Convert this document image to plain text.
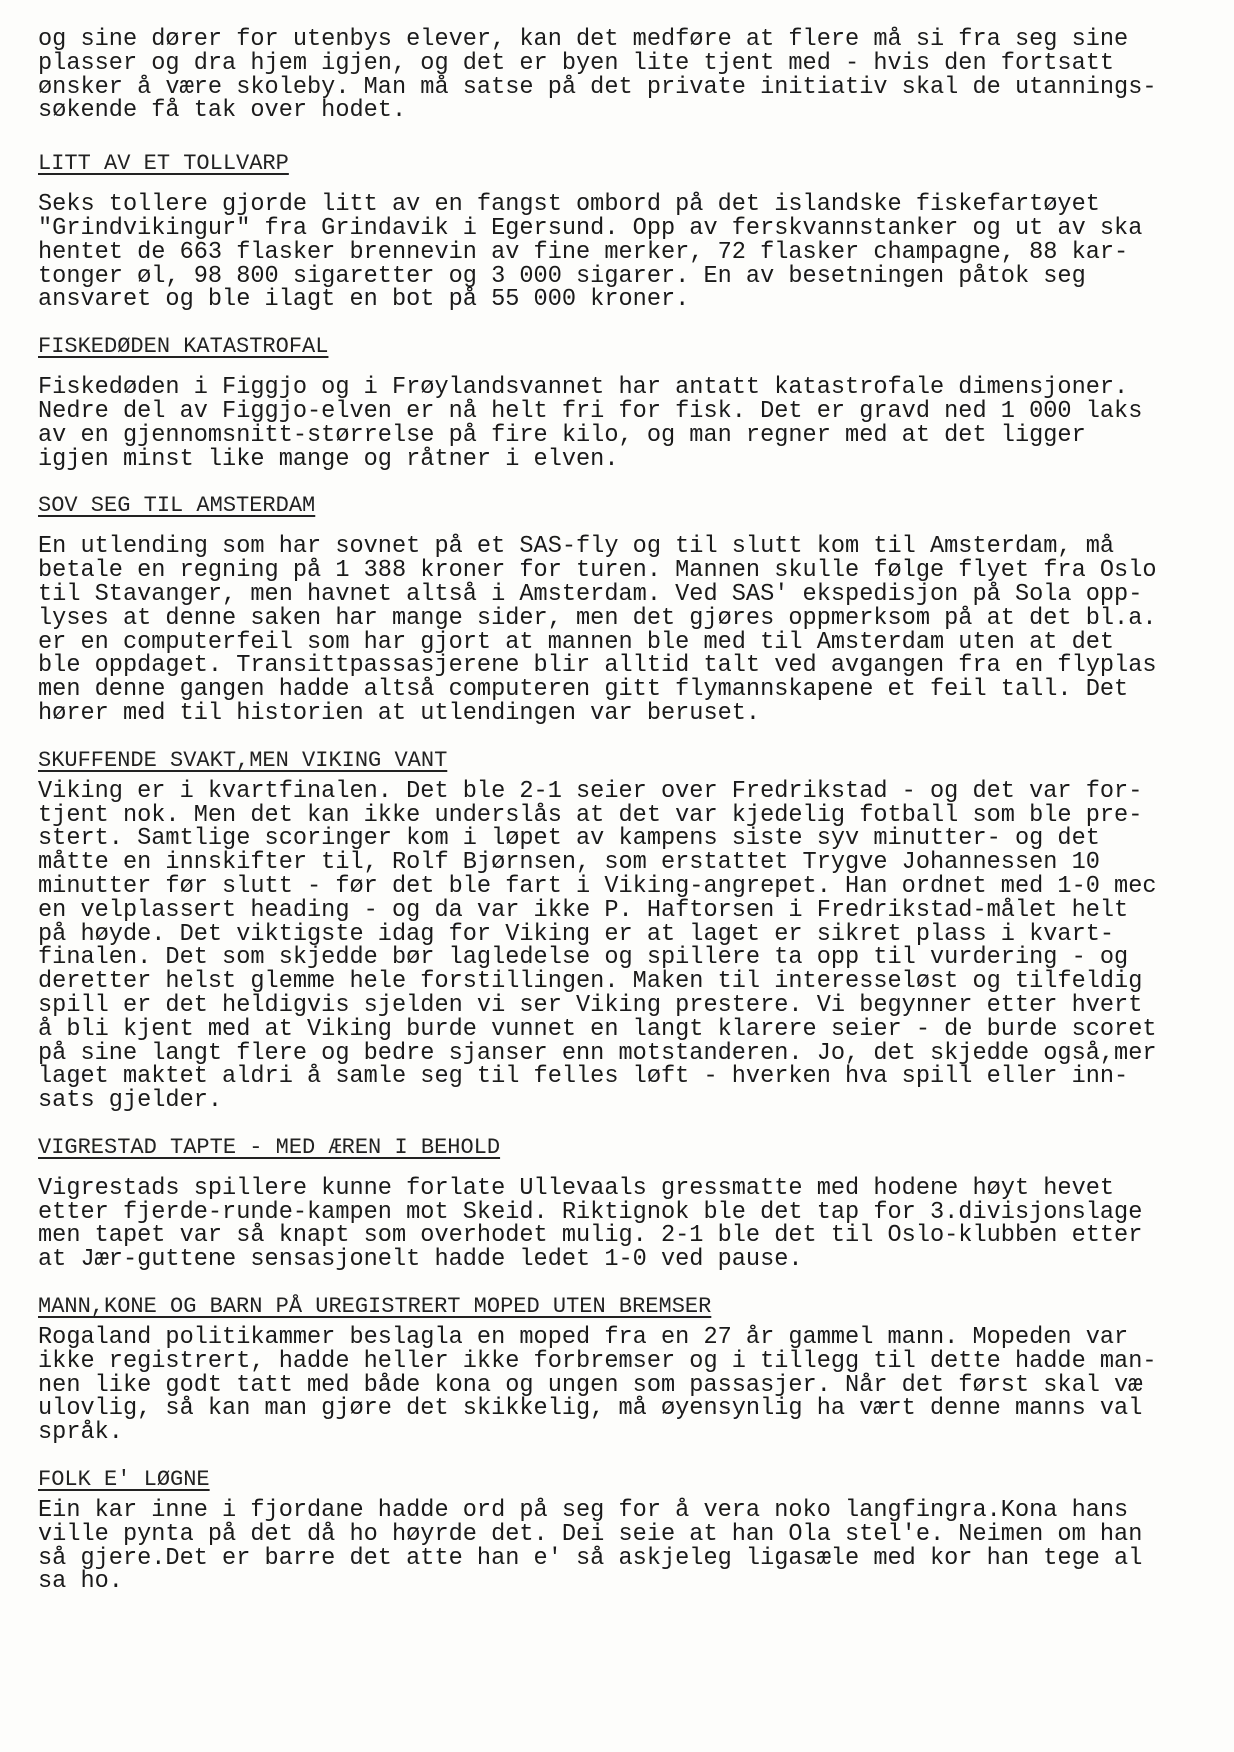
og sine dører for utenbys elever, kan det medføre at flere må si fra seg sine
plasser og dra hjem igjen, og det er byen lite tjent med - hvis den fortsatt
ønsker å være skoleby. Man må satse på det private initiativ skal de utannings-
søkende få tak over hodet.
LITT AV ET TOLLVARP
Seks tollere gjorde litt av en fangst ombord på det islandske fiskefartøyet
"Grindvikingur" fra Grindavik i Egersund. Opp av ferskvannstanker og ut av ska
hentet de 663 flasker brennevin av fine merker, 72 flasker champagne, 88 kar-
tonger øl, 98 800 sigaretter og 3 000 sigarer. En av besetningen påtok seg
ansvaret og ble ilagt en bot på 55 000 kroner.
FISKEDØDEN KATASTROFAL
Fiskedøden i Figgjo og i Frøylandsvannet har antatt katastrofale dimensjoner.
Nedre del av Figgjo-elven er nå helt fri for fisk. Det er gravd ned 1 000 laks
av en gjennomsnitt-størrelse på fire kilo, og man regner med at det ligger
igjen minst like mange og råtner i elven.
SOV SEG TIL AMSTERDAM
En utlending som har sovnet på et SAS-fly og til slutt kom til Amsterdam, må
betale en regning på 1 388 kroner for turen. Mannen skulle følge flyet fra Oslo
til Stavanger, men havnet altså i Amsterdam. Ved SAS' ekspedisjon på Sola opp-
lyses at denne saken har mange sider, men det gjøres oppmerksom på at det bl.a.
er en computerfeil som har gjort at mannen ble med til Amsterdam uten at det
ble oppdaget. Transittpassasjerene blir alltid talt ved avgangen fra en flyplas
men denne gangen hadde altså computeren gitt flymannskapene et feil tall. Det
hører med til historien at utlendingen var beruset.
SKUFFENDE SVAKT,MEN VIKING VANT
Viking er i kvartfinalen. Det ble 2-1 seier over Fredrikstad - og det var for-
tjent nok. Men det kan ikke underslås at det var kjedelig fotball som ble pre-
stert. Samtlige scoringer kom i løpet av kampens siste syv minutter- og det
måtte en innskifter til, Rolf Bjørnsen, som erstattet Trygve Johannessen 10
minutter før slutt - før det ble fart i Viking-angrepet. Han ordnet med 1-0 mec
en velplassert heading - og da var ikke P. Haftorsen i Fredrikstad-målet helt
på høyde. Det viktigste idag for Viking er at laget er sikret plass i kvart-
finalen. Det som skjedde bør lagledelse og spillere ta opp til vurdering - og
deretter helst glemme hele forstillingen. Maken til interesseløst og tilfeldig
spill er det heldigvis sjelden vi ser Viking prestere. Vi begynner etter hvert
å bli kjent med at Viking burde vunnet en langt klarere seier - de burde scoret
på sine langt flere og bedre sjanser enn motstanderen. Jo, det skjedde også,mer
laget maktet aldri å samle seg til felles løft - hverken hva spill eller inn-
sats gjelder.
VIGRESTAD TAPTE - MED ÆREN I BEHOLD
Vigrestads spillere kunne forlate Ullevaals gressmatte med hodene høyt hevet
etter fjerde-runde-kampen mot Skeid. Riktignok ble det tap for 3.divisjonslage
men tapet var så knapt som overhodet mulig. 2-1 ble det til Oslo-klubben etter
at Jær-guttene sensasjonelt hadde ledet 1-0 ved pause.
MANN,KONE OG BARN PÅ UREGISTRERT MOPED UTEN BREMSER
Rogaland politikammer beslagla en moped fra en 27 år gammel mann. Mopeden var
ikke registrert, hadde heller ikke forbremser og i tillegg til dette hadde man-
nen like godt tatt med både kona og ungen som passasjer. Når det først skal væ
ulovlig, så kan man gjøre det skikkelig, må øyensynlig ha vært denne manns val
språk.
FOLK E' LØGNE
Ein kar inne i fjordane hadde ord på seg for å vera noko langfingra.Kona hans
ville pynta på det då ho høyrde det. Dei seie at han Ola stel'e. Neimen om han
så gjere.Det er barre det atte han e' så askjeleg ligasæle med kor han tege al
sa ho.
